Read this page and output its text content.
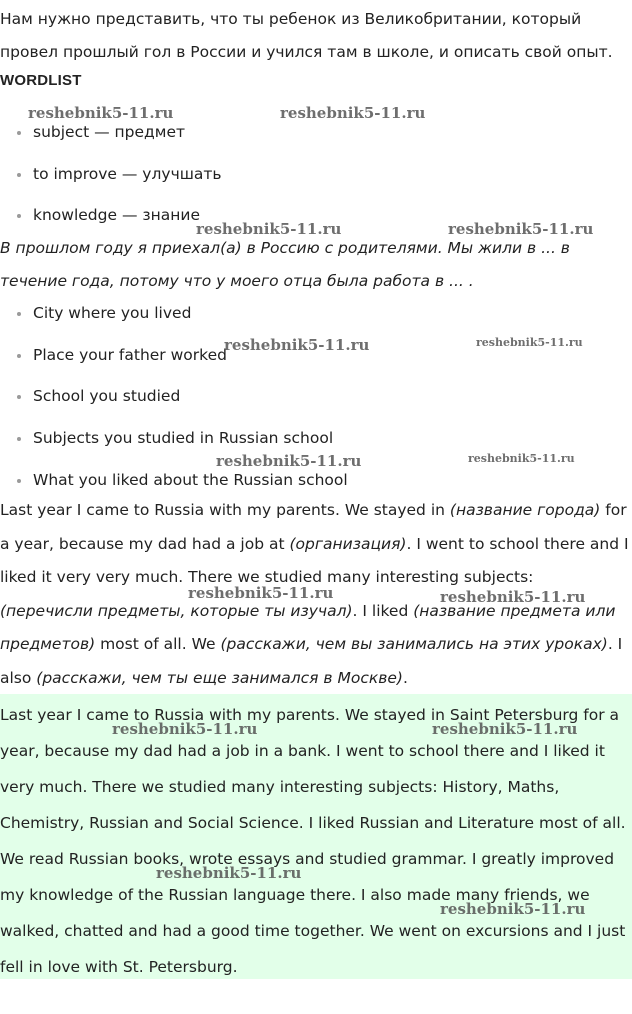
Нам нужно представить, что ты ребенок из Великобритании, который провел прошлый гол в России и учился там в школе, и описать свой опыт.

WORDLIST
subject — предмет
to improve — улучшать
knowledge — знание

В прошлом году я приехал(а) в Россию с родителями. Мы жили в ... в течение года, потому что у моего отца была работа в ... .

City where you lived
Place your father worked
School you studied
Subjects you studied in Russian school
What you liked about the Russian school

Last year I came to Russia with my parents. We stayed in (название города) for a year, because my dad had a job at (организация). I went to school there and I liked it very very much. There we studied many interesting subjects: (перечисли предметы, которые ты изучал). I liked (название предмета или предметов) most of all. We (расскажи, чем вы занимались на этих уроках). I also (расскажи, чем ты еще занимался в Москве).

Last year I came to Russia with my parents. We stayed in Saint Petersburg for a year, because my dad had a job in a bank. I went to school there and I liked it very much. There we studied many interesting subjects: History, Maths, Chemistry, Russian and Social Science. I liked Russian and Literature most of all. We read Russian books, wrote essays and studied grammar. I greatly improved my knowledge of the Russian language there. I also made many friends, we walked, chatted and had a good time together. We went on excursions and I just fell in love with St. Petersburg.

reshebnik5-11.ru	reshebnik5-11.ru
reshebnik5-11.ru	reshebnik5-11.ru
reshebnik5-11.ru	reshebnik5-11.ru
reshebnik5-11.ru	reshebnik5-11.ru
reshebnik5-11.ru	reshebnik5-11.ru
reshebnik5-11.ru	reshebnik5-11.ru
reshebnik5-11.ru
reshebnik5-11.ru
